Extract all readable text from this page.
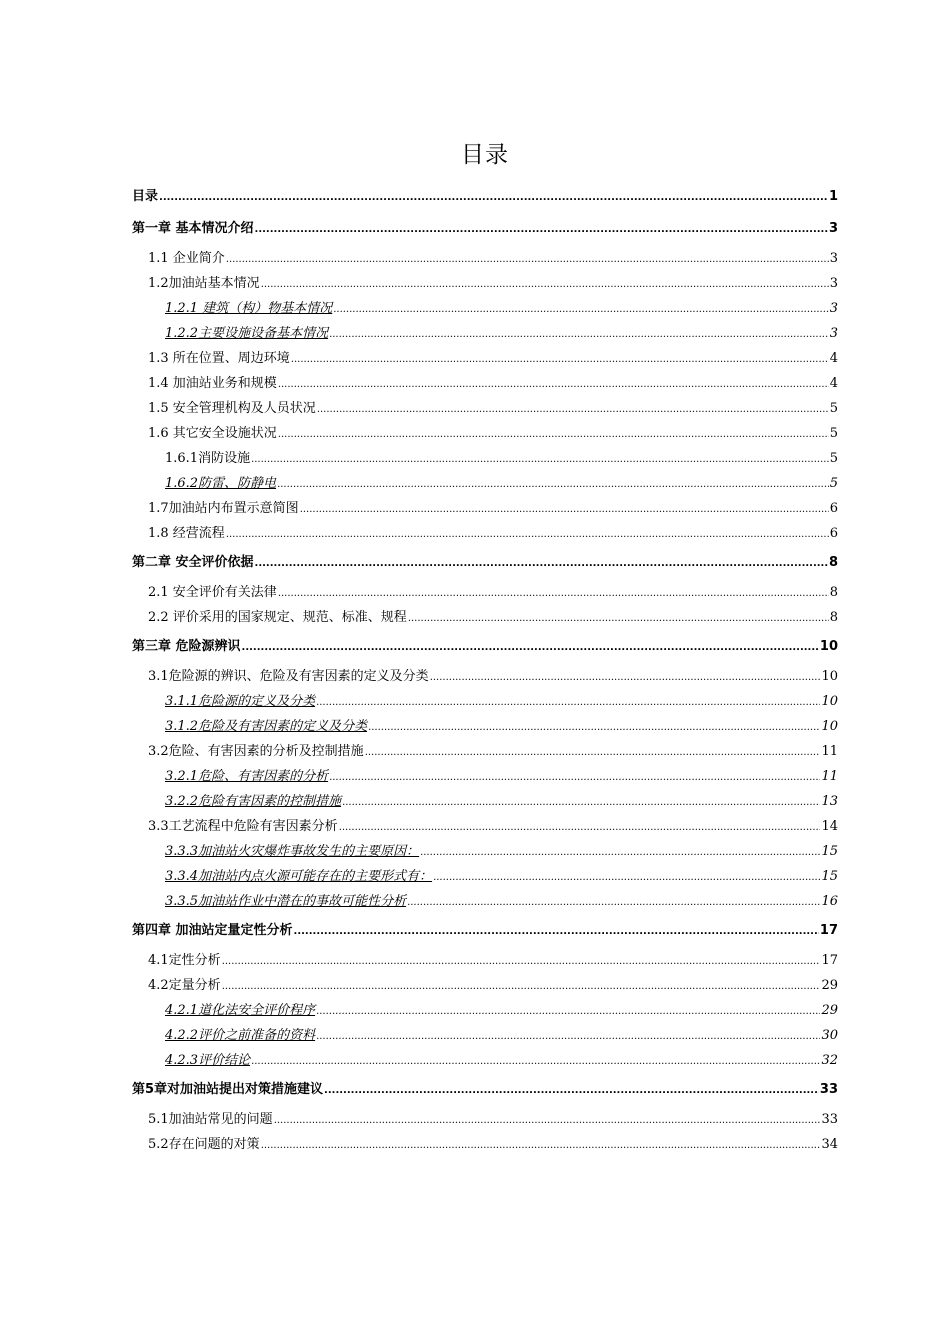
目录
目录 .....	1
第一章 基本情况介绍 .....	3
1.1 企业简介 .....	3
1.2加油站基本情况 .....	3
1.2.1 建筑（构）物基本情况 .....	3
1.2.2主要设施设备基本情况 .....	3
1.3 所在位置、周边环境 .....	4
1.4 加油站业务和规模 .....	4
1.5 安全管理机构及人员状况 .....	5
1.6 其它安全设施状况 .....	5
1.6.1消防设施 .....	5
1.6.2防雷、防静电 .....	5
1.7加油站内布置示意简图 .....	6
1.8 经营流程 .....	6
第二章 安全评价依据 .....	8
2.1 安全评价有关法律 .....	8
2.2 评价采用的国家规定、规范、标准、规程 .....	8
第三章 危险源辨识 .....	10
3.1危险源的辨识、危险及有害因素的定义及分类 .....	10
3.1.1危险源的定义及分类 .....	10
3.1.2危险及有害因素的定义及分类 .....	10
3.2危险、有害因素的分析及控制措施 .....	11
3.2.1危险、有害因素的分析 .....	11
3.2.2危险有害因素的控制措施 .....	13
3.3工艺流程中危险有害因素分析 .....	14
3.3.3加油站火灾爆炸事故发生的主要原因： .....	15
3.3.4加油站内点火源可能存在的主要形式有： .....	15
3.3.5加油站作业中潜在的事故可能性分析 .....	16
第四章 加油站定量定性分析 .....	17
4.1定性分析 .....	17
4.2定量分析 .....	29
4.2.1道化法安全评价程序 .....	29
4.2.2评价之前准备的资料 .....	30
4.2.3评价结论 .....	32
第5章对加油站提出对策措施建议 .....	33
5.1加油站常见的问题 .....	33
5.2存在问题的对策 .....	34
